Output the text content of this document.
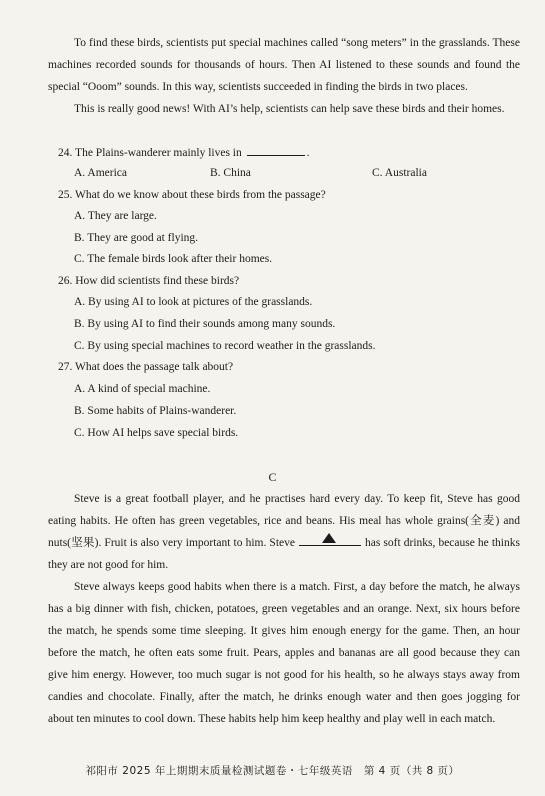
To find these birds, scientists put special machines called “song meters” in the grasslands. These machines recorded sounds for thousands of hours. Then AI listened to these sounds and found the special “Ooom” sounds. In this way, scientists succeeded in finding the birds in two places.

This is really good news! With AI’s help, scientists can help save these birds and their homes.

24. The Plains-wanderer mainly lives in	.
A. America	B. China	C. Australia
25. What do we know about these birds from the passage?
A. They are large.
B. They are good at flying.
C. The female birds look after their homes.
26. How did scientists find these birds?
A. By using AI to look at pictures of the grasslands.
B. By using AI to find their sounds among many sounds.
C. By using special machines to record weather in the grasslands.
27. What does the passage talk about?
A. A kind of special machine.
B. Some habits of Plains-wanderer.
C. How AI helps save special birds.
C

Steve is a great football player, and he practises hard every day. To keep fit, Steve has good eating habits. He often has green vegetables, rice and beans. His meal has whole grains(全麦) and nuts(坚果). Fruit is also very important to him. Steve	has soft drinks, because he thinks they are not good for him.

Steve always keeps good habits when there is a match. First, a day before the match, he always has a big dinner with fish, chicken, potatoes, green vegetables and an orange. Next, six hours before the match, he spends some time sleeping. It gives him enough energy for the game. Then, an hour before the match, he often eats some fruit. Pears, apples and bananas are all good because they can give him energy. However, too much sugar is not good for his health, so he always stays away from candies and chocolate. Finally, after the match, he drinks enough water and then goes jogging for about ten minutes to cool down. These habits help him keep healthy and play well in each match.

祁阳市 2025 年上期期末质量检测试题卷・七年级英语　第 4 页（共 8 页）
